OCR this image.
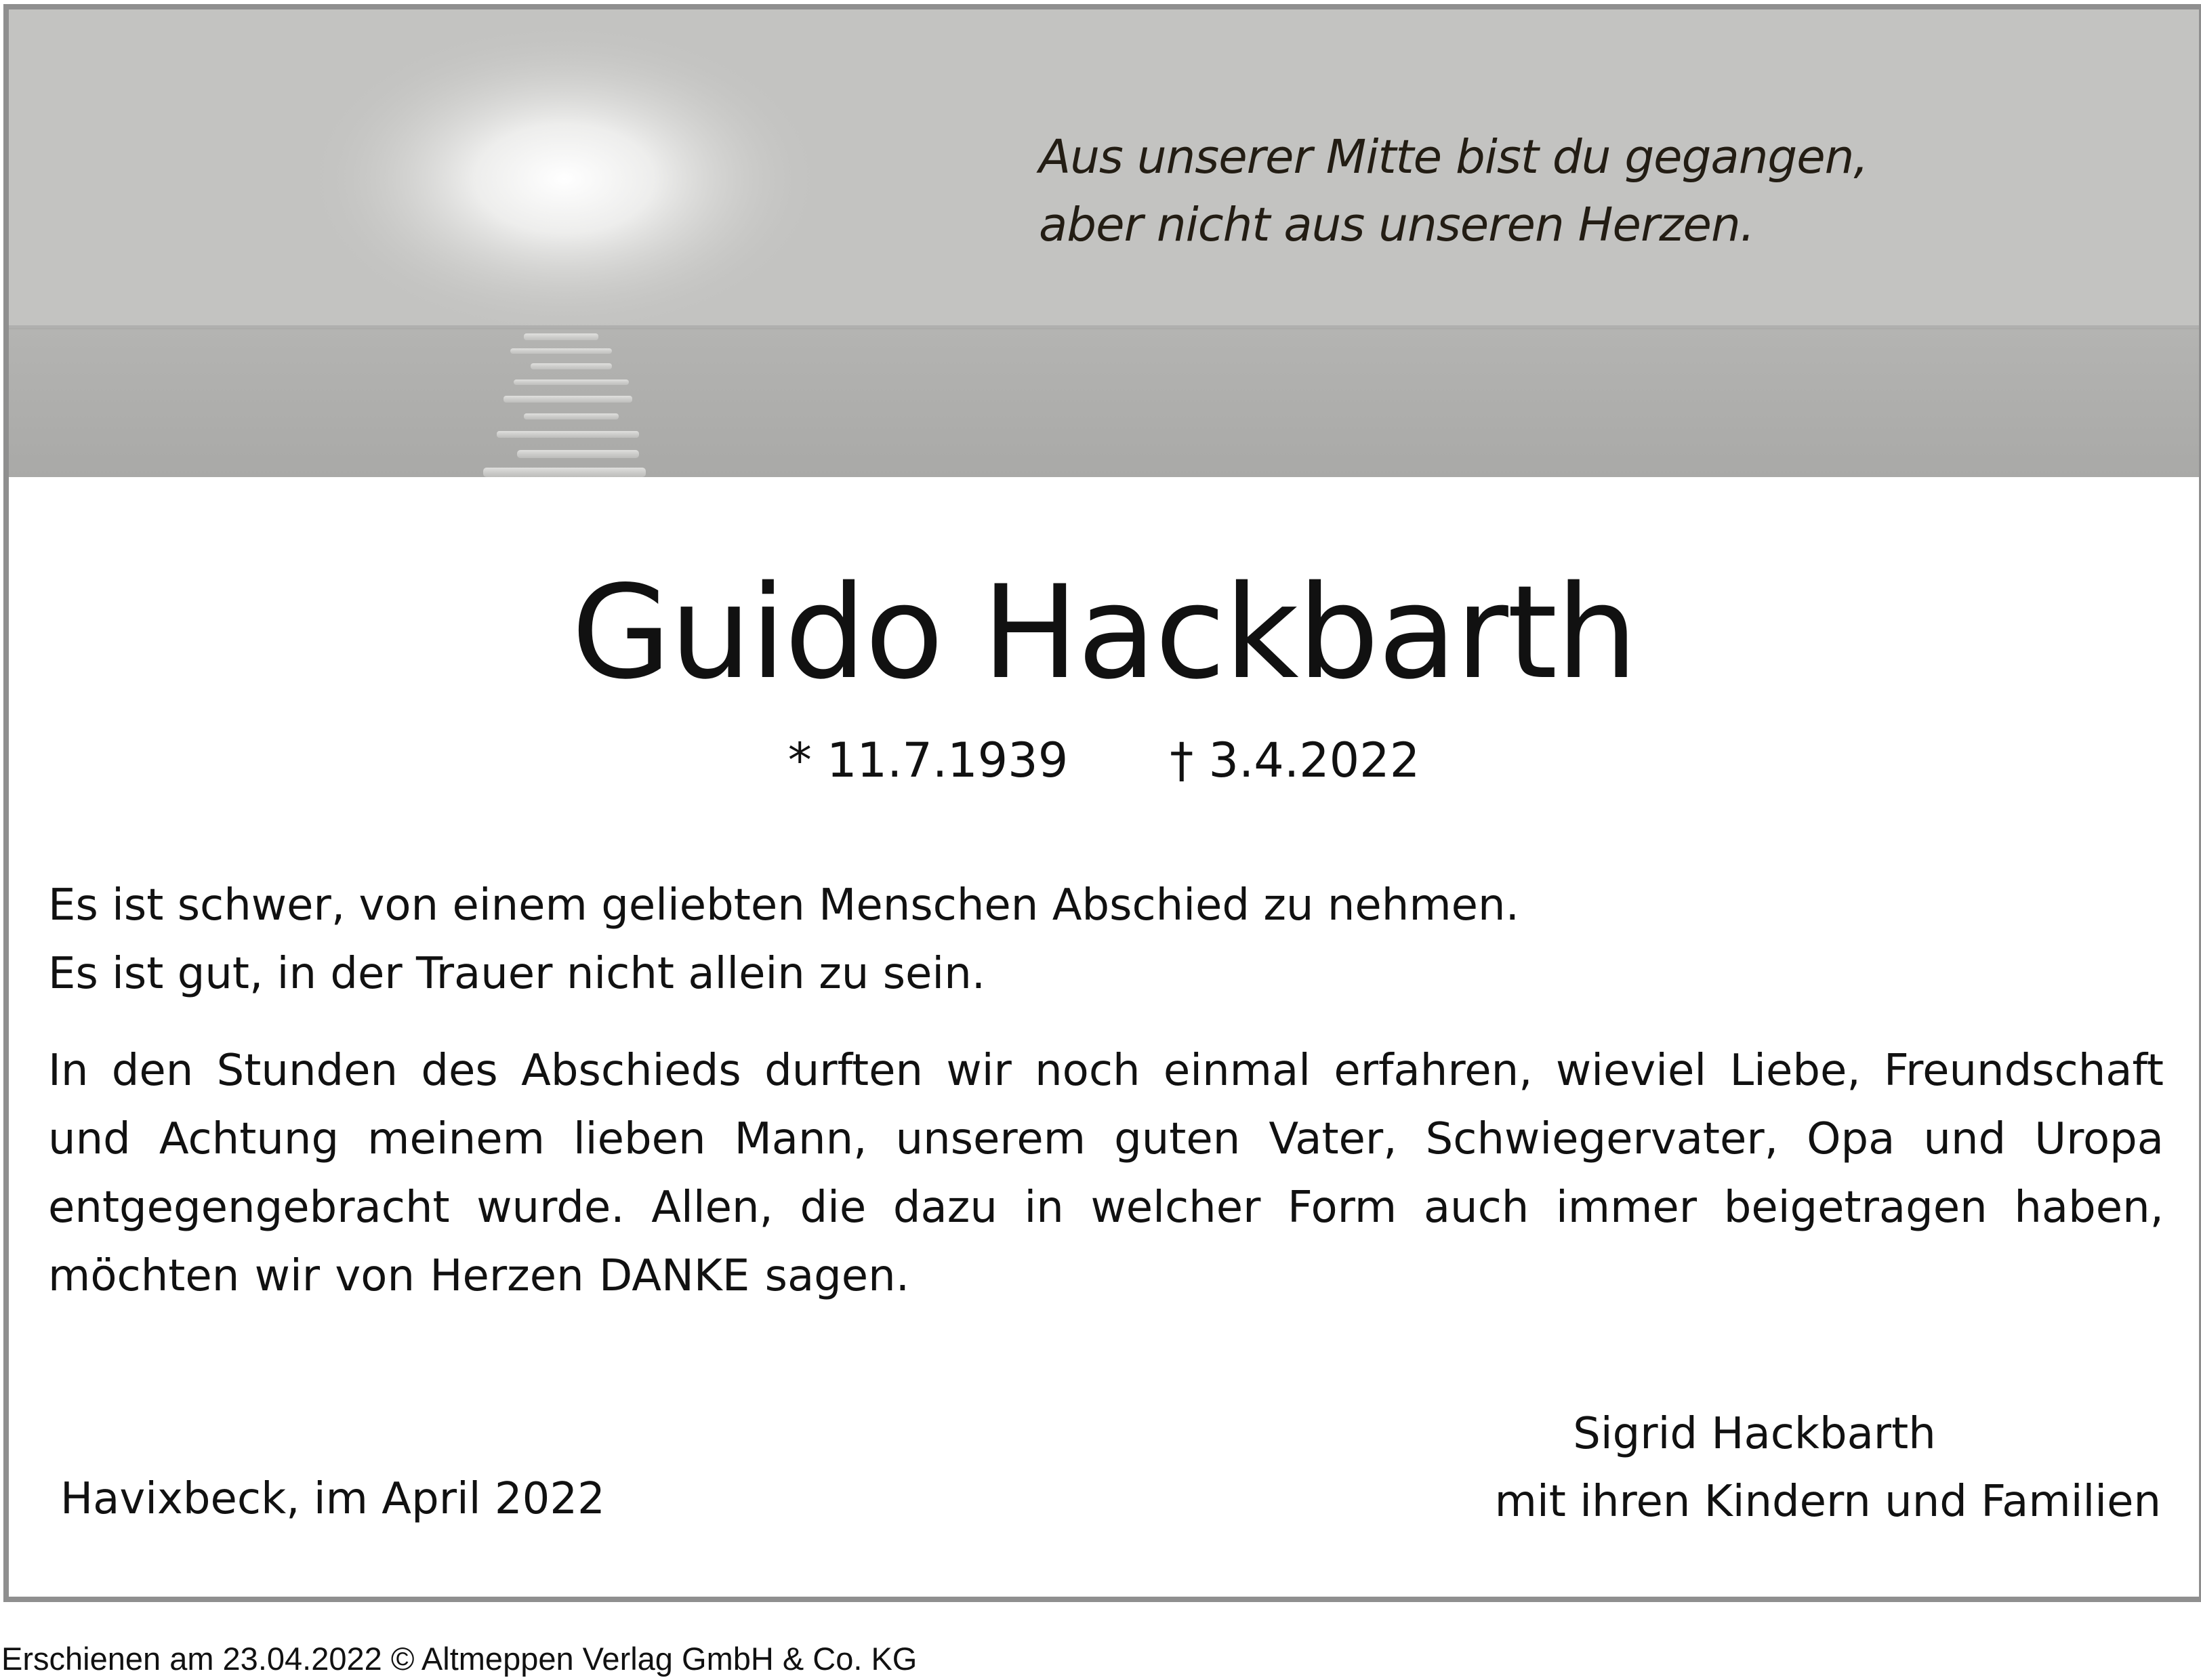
Aus unserer Mitte bist du gegangen,
aber nicht aus unseren Herzen.
Guido Hackbarth
* 11.7.1939 † 3.4.2022
Es ist schwer, von einem geliebten Menschen Abschied zu nehmen.
Es ist gut, in der Trauer nicht allein zu sein.
In den Stunden des Abschieds durften wir noch einmal erfahren, wieviel Liebe, Freundschaft und Achtung meinem lieben Mann, unserem guten Vater, Schwiegervater, Opa und Uropa entgegengebracht wurde. Allen, die dazu in welcher Form auch immer beigetragen haben, möchten wir von Herzen DANKE sagen.
Havixbeck, im April 2022
Sigrid Hackbarth
mit ihren Kindern und Familien
Erschienen am 23.04.2022 © Altmeppen Verlag GmbH & Co. KG
